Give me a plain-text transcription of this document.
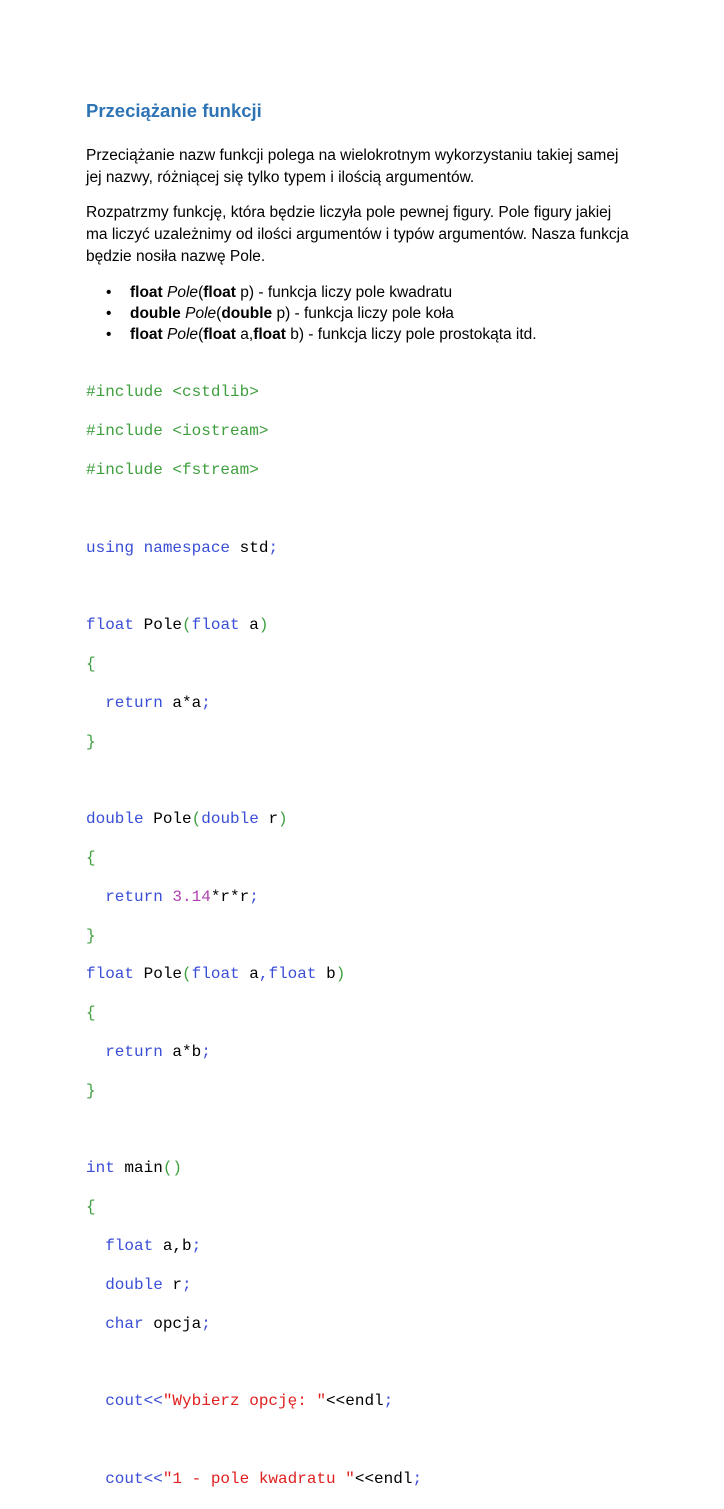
Przeciążanie funkcji
Przeciążanie nazw funkcji polega na wielokrotnym wykorzystaniu takiej samej
jej nazwy, różniącej się tylko typem i ilością argumentów.
Rozpatrzmy funkcję, która będzie liczyła pole pewnej figury. Pole figury jakiej
ma liczyć uzależnimy od ilości argumentów i typów argumentów. Nasza funkcja
będzie nosiła nazwę Pole.
• float Pole(float p) - funkcja liczy pole kwadratu
• double Pole(double p) - funkcja liczy pole koła
• float Pole(float a,float b) - funkcja liczy pole prostokąta itd.

#include <cstdlib>

#include <iostream>

#include <fstream>

using namespace std;

float Pole(float a)

{

return a*a;

}

double Pole(double r)

{

return 3.14*r*r;

}

float Pole(float a,float b)

{

return a*b;

}

int main()

{

float a,b;

double r;

char opcja;

cout<<"Wybierz opcję: "<<endl;

cout<<"1 - pole kwadratu "<<endl;
